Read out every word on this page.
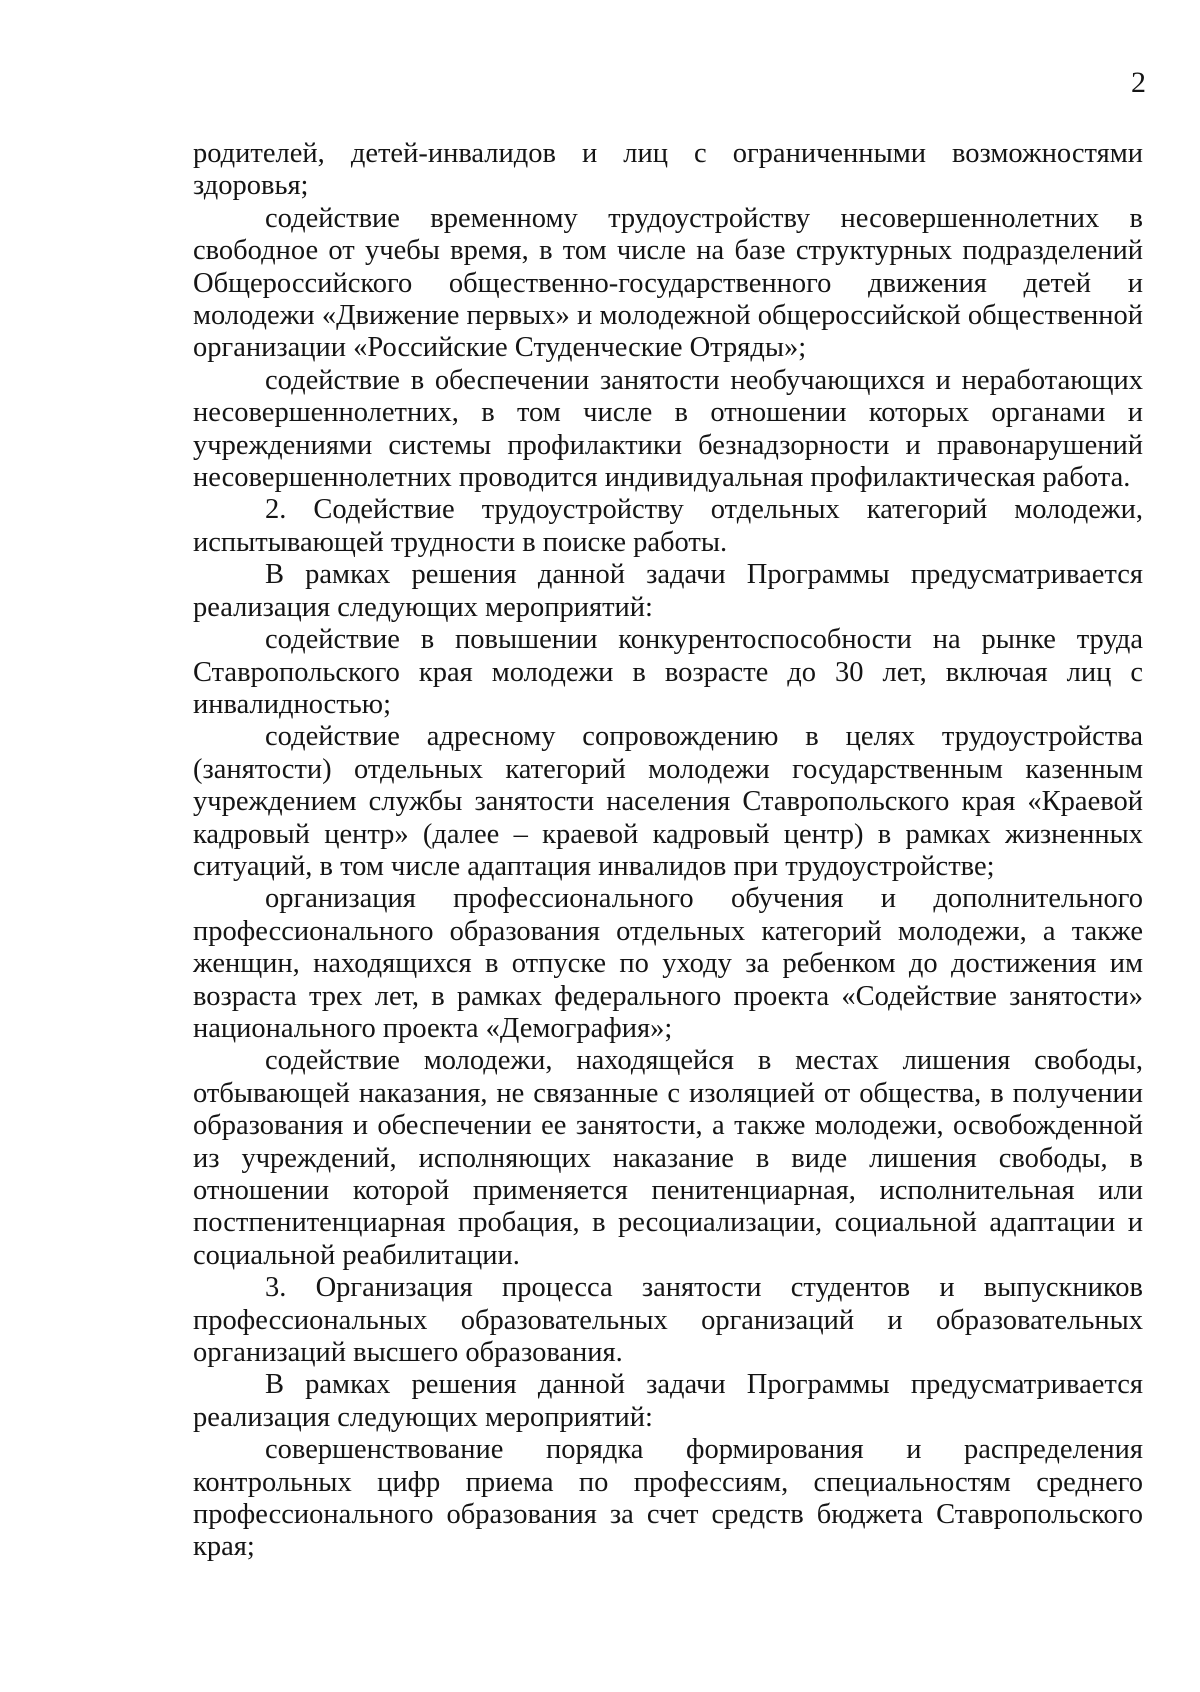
2

родителей, детей-инвалидов и лиц с ограниченными возможностями здоровья;

содействие временному трудоустройству несовершеннолетних в свободное от учебы время, в том числе на базе структурных подразделений Общероссийского общественно-государственного движения детей и молодежи «Движение первых» и молодежной общероссийской общественной организации «Российские Студенческие Отряды»;

содействие в обеспечении занятости необучающихся и неработающих несовершеннолетних, в том числе в отношении которых органами и учреждениями системы профилактики безнадзорности и правонарушений несовершеннолетних проводится индивидуальная профилактическая работа.

2. Содействие трудоустройству отдельных категорий молодежи, испытывающей трудности в поиске работы.

В рамках решения данной задачи Программы предусматривается реализация следующих мероприятий:

содействие в повышении конкурентоспособности на рынке труда Ставропольского края молодежи в возрасте до 30 лет, включая лиц с инвалидностью;

содействие адресному сопровождению в целях трудоустройства (занятости) отдельных категорий молодежи государственным казенным учреждением службы занятости населения Ставропольского края «Краевой кадровый центр» (далее – краевой кадровый центр) в рамках жизненных ситуаций, в том числе адаптация инвалидов при трудоустройстве;

организация профессионального обучения и дополнительного профессионального образования отдельных категорий молодежи, а также женщин, находящихся в отпуске по уходу за ребенком до достижения им возраста трех лет, в рамках федерального проекта «Содействие занятости» национального проекта «Демография»;

содействие молодежи, находящейся в местах лишения свободы, отбывающей наказания, не связанные с изоляцией от общества, в получении образования и обеспечении ее занятости, а также молодежи, освобожденной из учреждений, исполняющих наказание в виде лишения свободы, в отношении которой применяется пенитенциарная, исполнительная или постпенитенциарная пробация, в ресоциализации, социальной адаптации и социальной реабилитации.

3. Организация процесса занятости студентов и выпускников профессиональных образовательных организаций и образовательных организаций высшего образования.

В рамках решения данной задачи Программы предусматривается реализация следующих мероприятий:

совершенствование порядка формирования и распределения контрольных цифр приема по профессиям, специальностям среднего профессионального образования за счет средств бюджета Ставропольского края;
